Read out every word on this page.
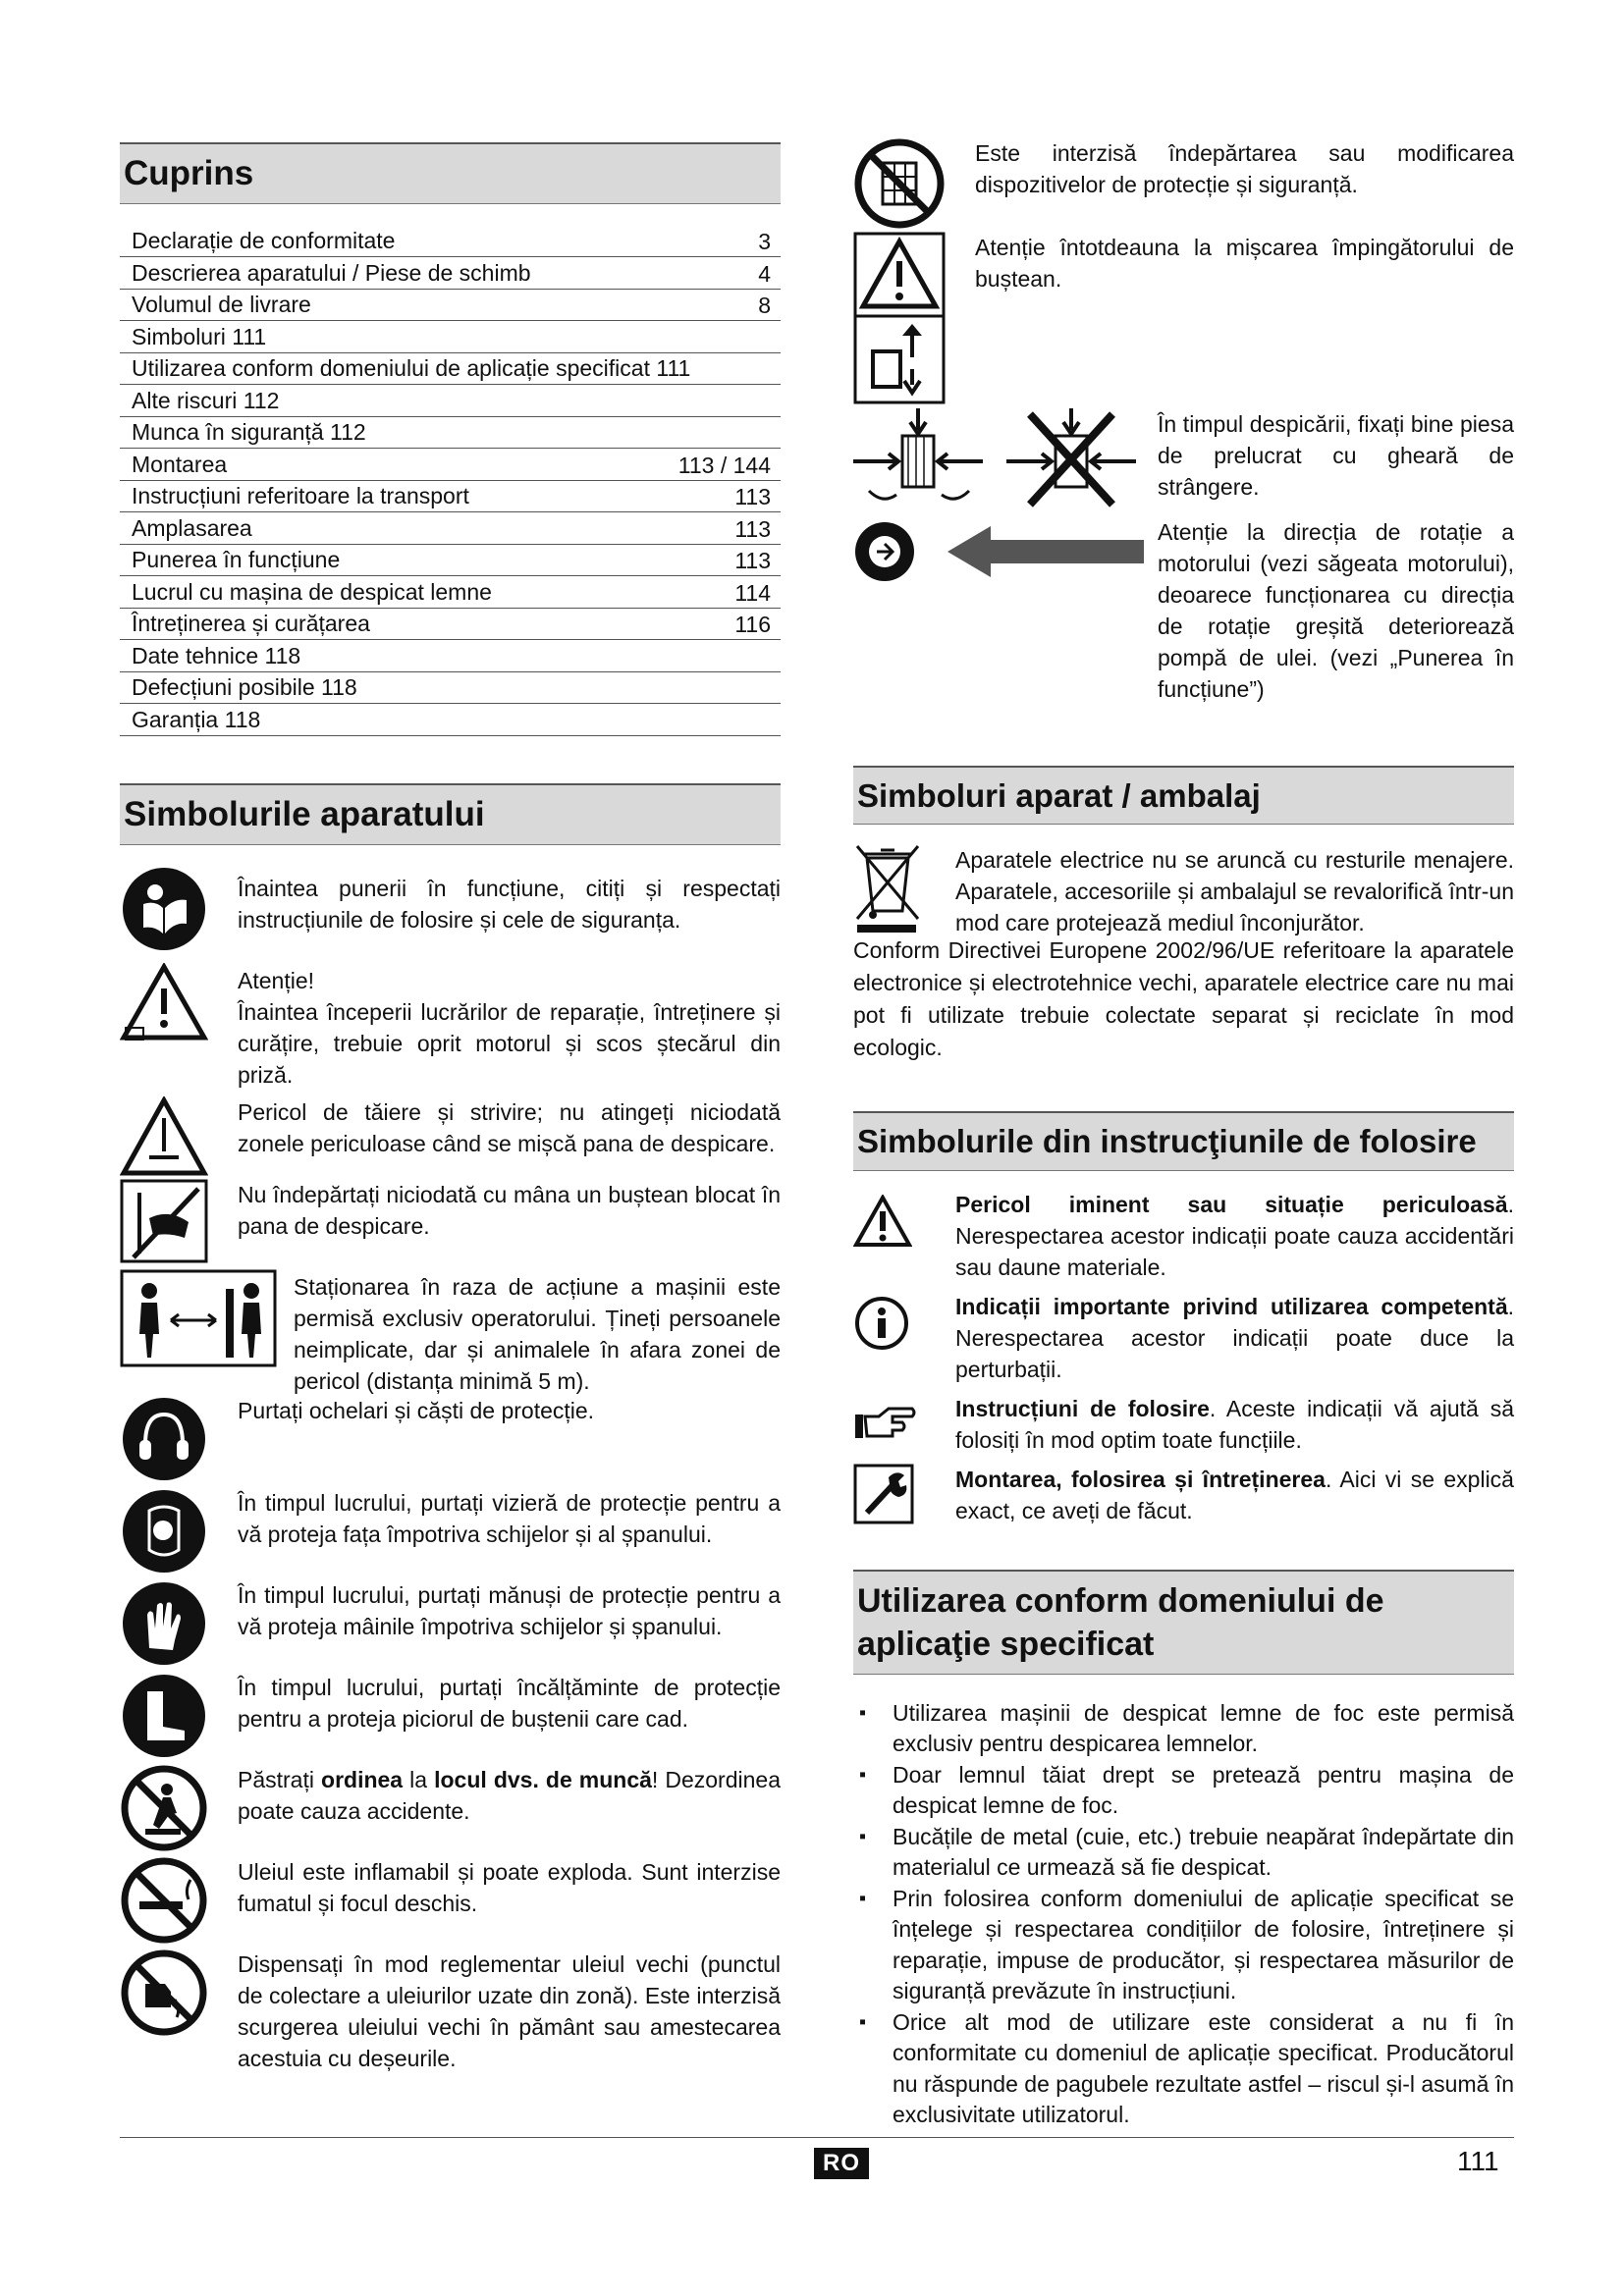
Cuprins
Declarație de conformitate	3
Descrierea aparatului / Piese de schimb	4
Volumul de livrare	8
Simboluri 111
Utilizarea conform domeniului de aplicație specificat 111
Alte riscuri 112
Munca în siguranță 112
Montarea	113 / 144
Instrucțiuni referitoare la transport	113
Amplasarea	113
Punerea în funcțiune	113
Lucrul cu mașina de despicat lemne	114
Întreținerea și curățarea	116
Date tehnice 118
Defecțiuni posibile 118
Garanția 118
Simbolurile aparatului

Înaintea punerii în funcțiune, citiți și respectați instrucțiunile de folosire și cele de siguranța.

Atenție!

Înaintea începerii lucrărilor de reparație, întreținere și curățire, trebuie oprit motorul și scos ștecărul din priză.

Pericol de tăiere și strivire; nu atingeți niciodată zonele periculoase când se mișcă pana de despicare.

Nu îndepărtați niciodată cu mâna un buștean blocat în pana de despicare.

Staționarea în raza de acțiune a mașinii este permisă exclusiv operatorului. Țineți persoanele neimplicate, dar și animalele în afara zonei de pericol (distanța minimă 5 m).

Purtați ochelari și căști de protecție.

În timpul lucrului, purtați vizieră de protecție pentru a vă proteja fața împotriva schijelor și al șpanului.

În timpul lucrului, purtați mănuși de protecție pentru a vă proteja mâinile împotriva schijelor și șpanului.

În timpul lucrului, purtați încălțăminte de protecție pentru a proteja piciorul de buștenii care cad.

Păstrați ordinea la locul dvs. de muncă! Dezordinea poate cauza accidente.

Uleiul este inflamabil și poate exploda. Sunt interzise fumatul și focul deschis.

Dispensați în mod reglementar uleiul vechi (punctul de colectare a uleiurilor uzate din zonă). Este interzisă scurgerea uleiului vechi în pământ sau amestecarea acestuia cu deșeurile.

Este interzisă îndepărtarea sau modificarea dispozitivelor de protecție și siguranță.

Atenție întotdeauna la mișcarea împingătorului de buștean.

În timpul despicării, fixați bine piesa de prelucrat cu gheară de strângere.

Atenție la direcția de rotație a motorului (vezi săgeata motorului), deoarece funcționarea cu direcția de rotație greșită deteriorează pompă de ulei. (vezi „Punerea în funcțiune”)

Simboluri aparat / ambalaj

Aparatele electrice nu se aruncă cu resturile menajere. Aparatele, accesoriile și ambalajul se revalorifică într-un mod care protejează mediul înconjurător.

Conform Directivei Europene 2002/96/UE referitoare la aparatele electronice și electrotehnice vechi, aparatele electrice care nu mai pot fi utilizate trebuie colectate separat și reciclate în mod ecologic.

Simbolurile din instrucţiunile de folosire

Pericol iminent sau situație periculoasă. Nerespectarea acestor indicații poate cauza accidentări sau daune materiale.

Indicații importante privind utilizarea competentă. Nerespectarea acestor indicații poate duce la perturbații.

Instrucțiuni de folosire. Aceste indicații vă ajută să folosiți în mod optim toate funcțiile.

Montarea, folosirea și întreținerea. Aici vi se explică exact, ce aveți de făcut.

Utilizarea conform domeniului de aplicaţie specificat
▪ Utilizarea mașinii de despicat lemne de foc este permisă exclusiv pentru despicarea lemnelor.
▪ Doar lemnul tăiat drept se pretează pentru mașina de despicat lemne de foc.
▪ Bucățile de metal (cuie, etc.) trebuie neapărat îndepărtate din materialul ce urmează să fie despicat.
▪ Prin folosirea conform domeniului de aplicație specificat se înțelege și respectarea condițiilor de folosire, întreținere și reparație, impuse de producător, și respectarea măsurilor de siguranță prevăzute în instrucțiuni.
▪ Orice alt mod de utilizare este considerat a nu fi în conformitate cu domeniul de aplicație specificat. Producătorul nu răspunde de pagubele rezultate astfel – riscul și-l asumă în exclusivitate utilizatorul.
RO	111
